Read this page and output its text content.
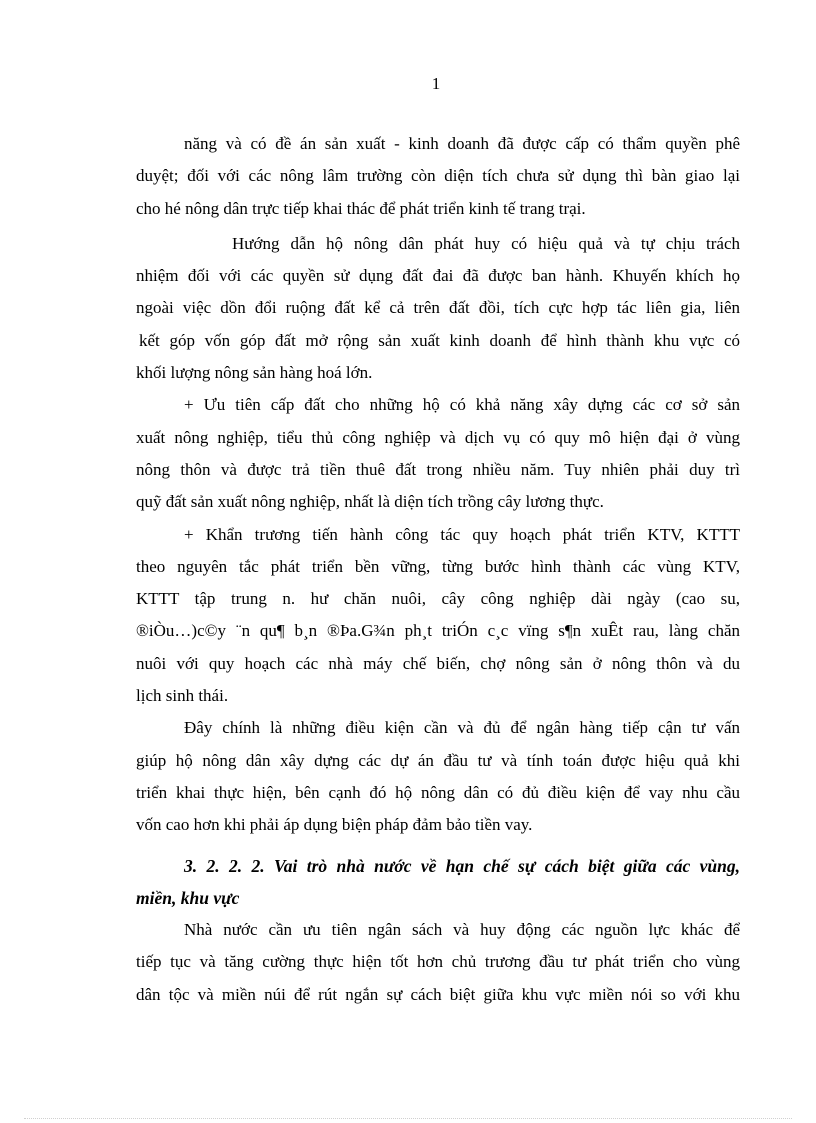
1
năng và có đề án sản xuất - kinh doanh đã được cấp có thẩm quyền phê
duyệt; đối với các nông lâm trường còn diện tích chưa sử dụng thì bàn giao lại
cho hé nông dân trực tiếp khai thác để phát triển kinh tế trang trại.
Hướng dẫn hộ nông dân phát huy có hiệu quả và tự chịu trách
nhiệm đối với các quyền sử dụng đất đai đã được ban hành. Khuyến khích họ
ngoài việc dồn đổi ruộng đất kể cả trên đất đồi, tích cực hợp tác liên gia, liên
kết góp vốn góp đất mở rộng sản xuất kinh doanh để hình thành khu vực có
khối lượng nông sản hàng hoá lớn.
+ Ưu tiên cấp đất cho những hộ có khả năng xây dựng các cơ sở sản
xuất nông nghiệp, tiểu thủ công nghiệp và dịch vụ có quy mô hiện đại ở vùng
nông thôn và được trả tiền thuê đất trong nhiều năm. Tuy nhiên phải duy trì
quỹ đất sản xuất nông nghiệp, nhất là diện tích trồng cây lương thực.
+ Khẩn trương tiến hành công tác quy hoạch phát triển KTV, KTTT
theo nguyên tắc phát triển bền vững, từng bước hình thành các vùng KTV,
KTTT tập trung n. hư chăn nuôi, cây công nghiệp dài ngày (cao su,
®iÒu…)c©y ¨n qu¶ b¸n ®Þa.G¾n ph¸t triÓn c¸c vïng s¶n xuÊt rau, làng chăn
nuôi với quy hoạch các nhà máy chế biến, chợ nông sản ở nông thôn và du
lịch sinh thái.
Đây chính là những điều kiện cần và đủ để ngân hàng tiếp cận tư vấn
giúp hộ nông dân xây dựng các dự án đầu tư và tính toán được hiệu quả khi
triển khai thực hiện, bên cạnh đó hộ nông dân có đủ điều kiện để vay nhu cầu
vốn cao hơn khi phải áp dụng biện pháp đảm bảo tiền vay.
3. 2. 2. 2. Vai trò nhà nước về hạn chế sự cách biệt giữa các vùng,
miền, khu vực
Nhà nước cần ưu tiên ngân sách và huy động các nguồn lực khác để
tiếp tục và tăng cường thực hiện tốt hơn chủ trương đầu tư phát triển cho vùng
dân tộc và miền núi để rút ngắn sự cách biệt giữa khu vực miền nói so với khu
